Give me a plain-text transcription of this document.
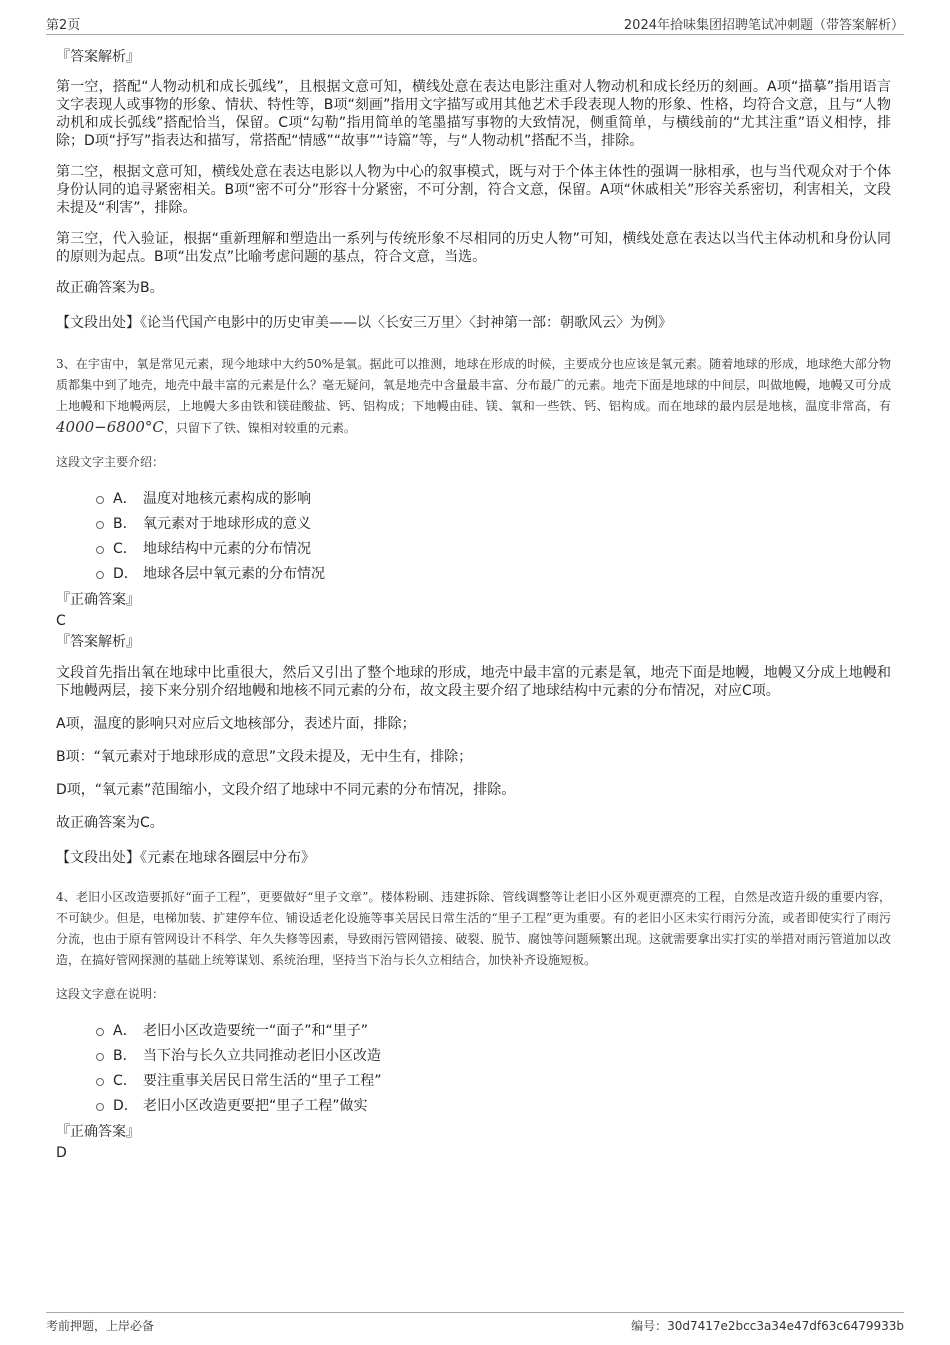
第2页	2024年拾味集团招聘笔试冲刺题（带答案解析）

『答案解析』

第一空，搭配“人物动机和成长弧线”，且根据文意可知，横线处意在表达电影注重对人物动机和成长经历的刻画。A项“描摹”指用语言文字表现人或事物的形象、情状、特性等，B项“刻画”指用文字描写或用其他艺术手段表现人物的形象、性格，均符合文意，且与“人物动机和成长弧线”搭配恰当，保留。C项“勾勒”指用简单的笔墨描写事物的大致情况，侧重简单，与横线前的“尤其注重”语义相悖，排除；D项“抒写”指表达和描写，常搭配“情感”“故事”“诗篇”等，与“人物动机”搭配不当，排除。

第二空，根据文意可知，横线处意在表达电影以人物为中心的叙事模式，既与对于个体主体性的强调一脉相承，也与当代观众对于个体身份认同的追寻紧密相关。B项“密不可分”形容十分紧密，不可分割，符合文意，保留。A项“休戚相关”形容关系密切，利害相关，文段未提及“利害”，排除。

第三空，代入验证，根据“重新理解和塑造出一系列与传统形象不尽相同的历史人物”可知，横线处意在表达以当代主体动机和身份认同的原则为起点。B项“出发点”比喻考虑问题的基点，符合文意，当选。

故正确答案为B。

【文段出处】《论当代国产电影中的历史审美——以〈长安三万里〉〈封神第一部：朝歌风云〉为例》

3、在宇宙中，氧是常见元素，现今地球中大约50%是氧。据此可以推测，地球在形成的时候，主要成分也应该是氧元素。随着地球的形成，地球绝大部分物质都集中到了地壳，地壳中最丰富的元素是什么？毫无疑问，氧是地壳中含量最丰富、分布最广的元素。地壳下面是地球的中间层，叫做地幔，地幔又可分成上地幔和下地幔两层，上地幔大多由铁和镁硅酸盐、钙、铝构成；下地幔由硅、镁、氧和一些铁、钙、铝构成。而在地球的最内层是地核，温度非常高，有4000−6800°C，只留下了铁、镍相对较重的元素。

这段文字主要介绍：

A． 温度对地核元素构成的影响
B． 氧元素对于地球形成的意义
C． 地球结构中元素的分布情况
D． 地球各层中氧元素的分布情况

『正确答案』

C

『答案解析』

文段首先指出氧在地球中比重很大，然后又引出了整个地球的形成，地壳中最丰富的元素是氧，地壳下面是地幔，地幔又分成上地幔和下地幔两层，接下来分别介绍地幔和地核不同元素的分布，故文段主要介绍了地球结构中元素的分布情况，对应C项。

A项，温度的影响只对应后文地核部分，表述片面，排除；

B项：“氧元素对于地球形成的意思”文段未提及，无中生有，排除；

D项，“氧元素”范围缩小，文段介绍了地球中不同元素的分布情况，排除。

故正确答案为C。

【文段出处】《元素在地球各圈层中分布》

4、老旧小区改造要抓好“面子工程”，更要做好“里子文章”。楼体粉刷、违建拆除、管线调整等让老旧小区外观更漂亮的工程，自然是改造升级的重要内容，不可缺少。但是，电梯加装、扩建停车位、铺设适老化设施等事关居民日常生活的“里子工程”更为重要。有的老旧小区未实行雨污分流，或者即使实行了雨污分流，也由于原有管网设计不科学、年久失修等因素，导致雨污管网错接、破裂、脱节、腐蚀等问题频繁出现。这就需要拿出实打实的举措对雨污管道加以改造，在搞好管网探测的基础上统筹谋划、系统治理，坚持当下治与长久立相结合，加快补齐设施短板。

这段文字意在说明：

A． 老旧小区改造要统一“面子”和“里子”
B． 当下治与长久立共同推动老旧小区改造
C． 要注重事关居民日常生活的“里子工程”
D． 老旧小区改造更要把“里子工程”做实

『正确答案』

D

考前押题，上岸必备	编号：30d7417e2bcc3a34e47df63c6479933b
